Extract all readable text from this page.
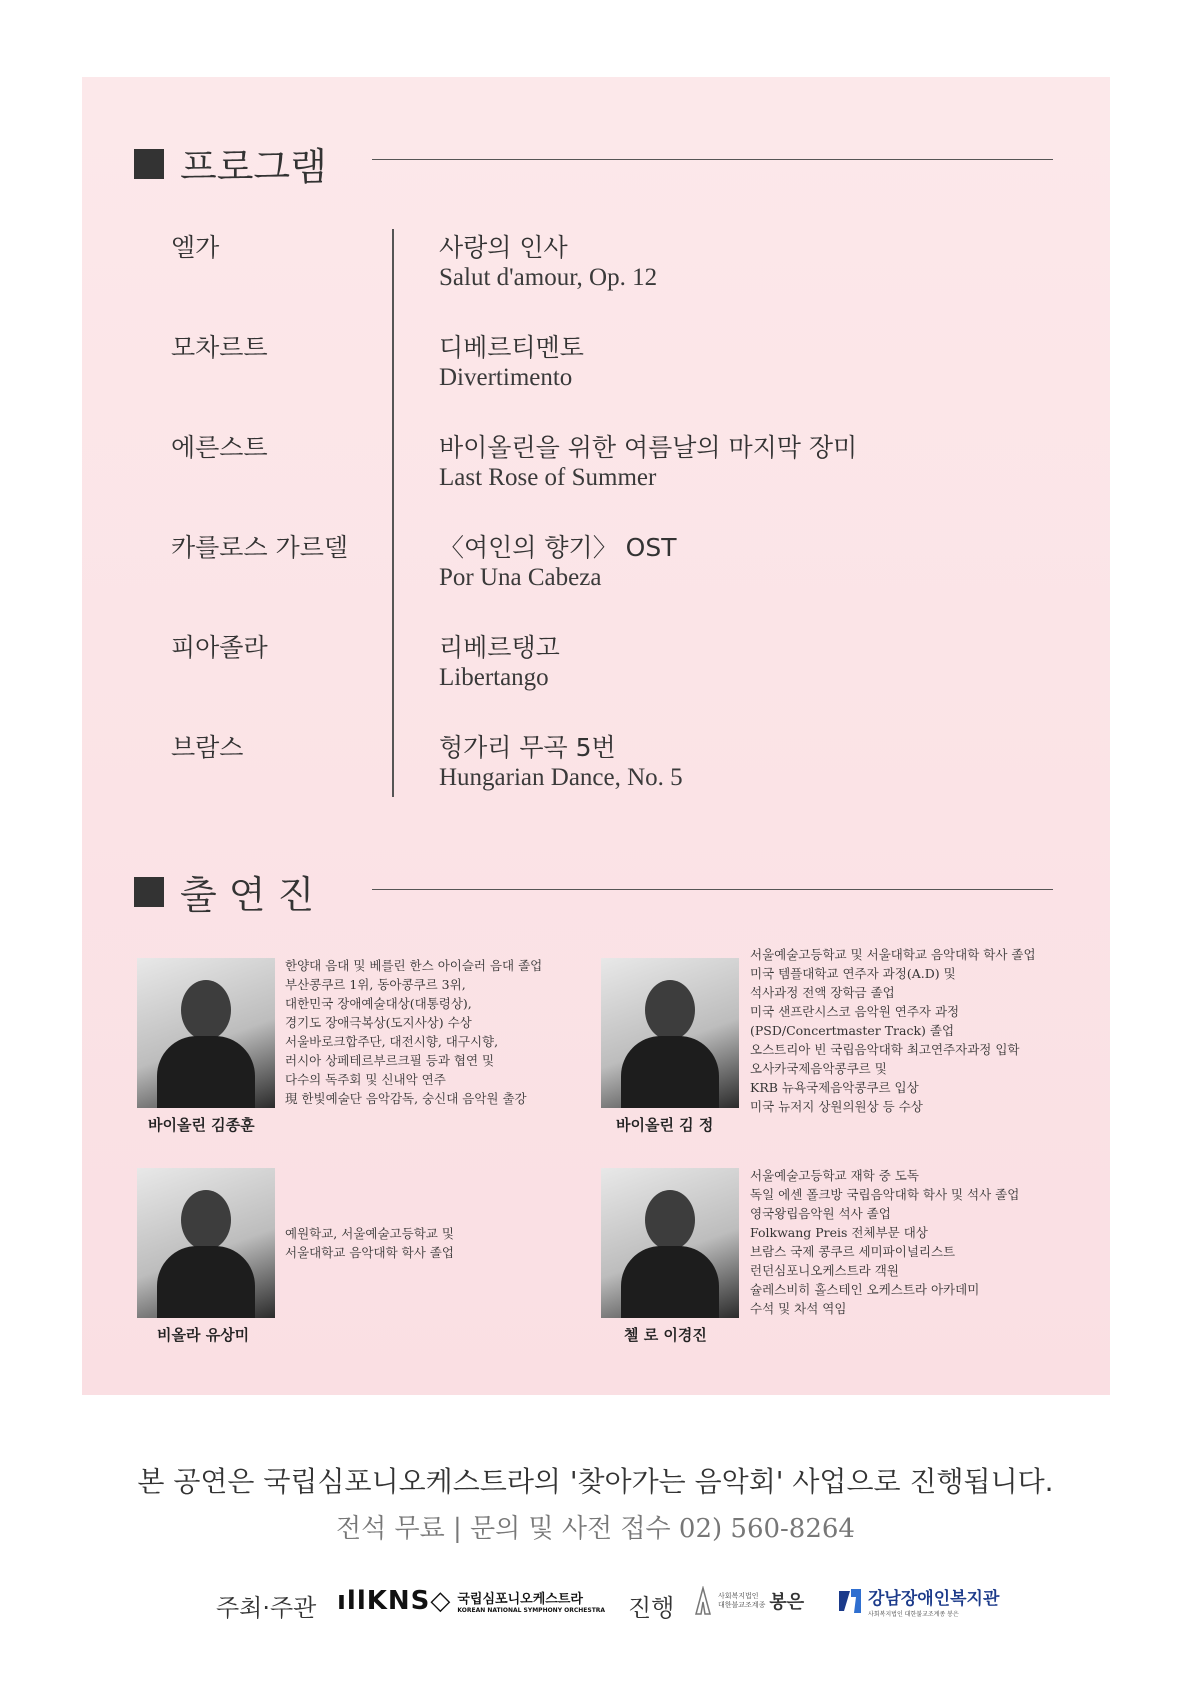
프로그램
엘가	사랑의 인사
Salut d'amour, Op. 12
모차르트	디베르티멘토
Divertimento
에른스트	바이올린을 위한 여름날의 마지막 장미
Last Rose of Summer
카를로스 가르델	〈여인의 향기〉 OST
Por Una Cabeza
피아졸라	리베르탱고
Libertango
브람스	헝가리 무곡 5번
Hungarian Dance, No. 5
출 연 진
바이올린 김종훈
한양대 음대 및 베를린 한스 아이슬러 음대 졸업
부산콩쿠르 1위, 동아콩쿠르 3위,
대한민국 장애예술대상(대통령상),
경기도 장애극복상(도지사상) 수상
서울바로크합주단, 대전시향, 대구시향,
러시아 상페테르부르크필 등과 협연 및
다수의 독주회 및 신내악 연주
現 한빛예술단 음악감독, 숭신대 음악원 출강
바이올린 김 정
서울예술고등학교 및 서울대학교 음악대학 학사 졸업
미국 템플대학교 연주자 과정(A.D) 및
석사과정 전액 장학금 졸업
미국 샌프란시스코 음악원 연주자 과정
(PSD/Concertmaster Track) 졸업
오스트리아 빈 국립음악대학 최고연주자과정 입학
오사카국제음악콩쿠르 및
KRB 뉴욕국제음악콩쿠르 입상
미국 뉴저지 상원의원상 등 수상
비올라 유상미
예원학교, 서울예술고등학교 및
서울대학교 음악대학 학사 졸업
첼 로 이경진
서울예술고등학교 재학 중 도독
독일 에센 폴크방 국립음악대학 학사 및 석사 졸업
영국왕립음악원 석사 졸업
Folkwang Preis 전체부문 대상
브람스 국제 콩쿠르 세미파이널리스트
런던심포니오케스트라 객원
슐레스비히 홀스테인 오케스트라 아카데미
수석 및 차석 역임
본 공연은 국립심포니오케스트라의 '찾아가는 음악회' 사업으로 진행됩니다.
전석 무료 | 문의 및 사전 접수 02) 560-8264
주최·주관 ıllKNS◇ 국립심포니오케스트라
KOREAN NATIONAL SYMPHONY ORCHESTRA 진행	사회복지법인
대한불교조계종 봉은	강남장애인복지관
사회복지법인 대한불교조계종 봉은
